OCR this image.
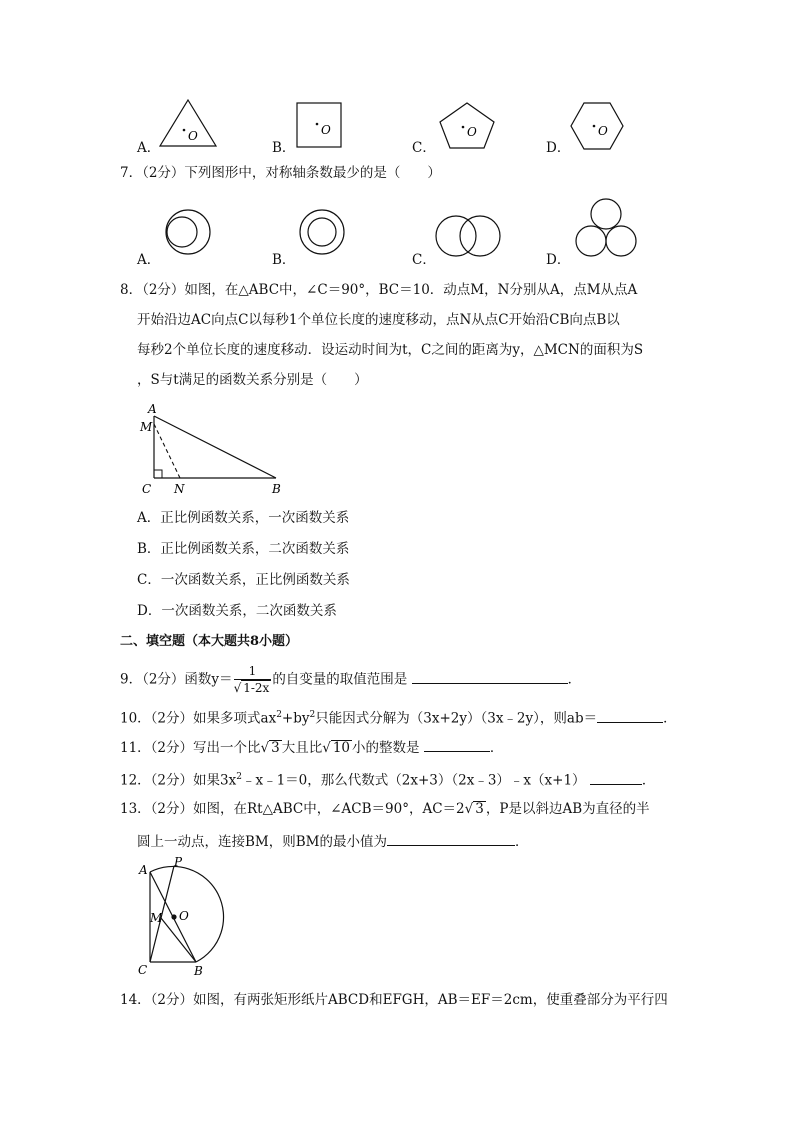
A．
O
B．
O
C．
O
D．
O
7．（2分）下列图形中，对称轴条数最少的是（　　）
A．	B．	C．	D．
8．（2分）如图，在△ABC中，∠C＝90°，BC＝10．动点M，N分别从A，点M从点A
开始沿边AC向点C以每秒1个单位长度的速度移动，点N从点C开始沿CB向点B以
每秒2个单位长度的速度移动．设运动时间为t，C之间的距离为y，△MCN的面积为S
，S与t满足的函数关系分别是（　　）
A
M
C N	B
A．正比例函数关系，一次函数关系
B．正比例函数关系，二次函数关系
C．一次函数关系，正比例函数关系
D．一次函数关系，二次函数关系
二、填空题（本大题共8小题）
9．（2分）函数$y= \frac{1}{√ 1-2x}$ 的自变量的取值范围是	．
10．（2分）如果多项式$ax^2+by^2$只能因式分解为（3x+2y）（3x﹣2y），则ab＝	．
11．（2分）写出一个比√ 3 大且比√ 10 小的整数是	．
12．（2分）如果$3x^2﹣x﹣1=0$，那么代数式（2x+3）（2x﹣3）﹣x（x+1）	．
13．（2分）如图，在Rt△ABC中，∠ACB＝90°，AC＝2√ 3 ，P是以斜边AB为直径的半
圆上一动点，连接BM，则BM的最小值为	．
A
P
M O
C	B
14．（2分）如图，有两张矩形纸片ABCD和EFGH，AB＝EF＝2cm，使重叠部分为平行四
